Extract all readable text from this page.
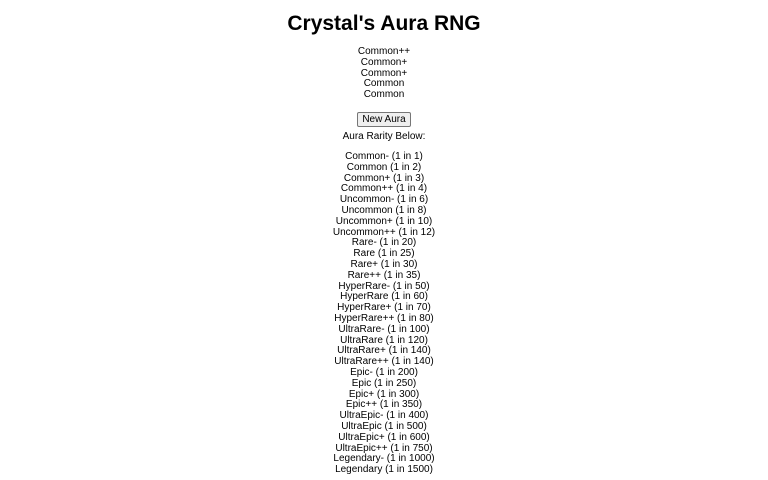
Crystal's Aura RNG
Common++
Common+
Common+
Common
Common
New Aura
Aura Rarity Below:
Common- (1 in 1)
Common (1 in 2)
Common+ (1 in 3)
Common++ (1 in 4)
Uncommon- (1 in 6)
Uncommon (1 in 8)
Uncommon+ (1 in 10)
Uncommon++ (1 in 12)
Rare- (1 in 20)
Rare (1 in 25)
Rare+ (1 in 30)
Rare++ (1 in 35)
HyperRare- (1 in 50)
HyperRare (1 in 60)
HyperRare+ (1 in 70)
HyperRare++ (1 in 80)
UltraRare- (1 in 100)
UltraRare (1 in 120)
UltraRare+ (1 in 140)
UltraRare++ (1 in 140)
Epic- (1 in 200)
Epic (1 in 250)
Epic+ (1 in 300)
Epic++ (1 in 350)
UltraEpic- (1 in 400)
UltraEpic (1 in 500)
UltraEpic+ (1 in 600)
UltraEpic++ (1 in 750)
Legendary- (1 in 1000)
Legendary (1 in 1500)
